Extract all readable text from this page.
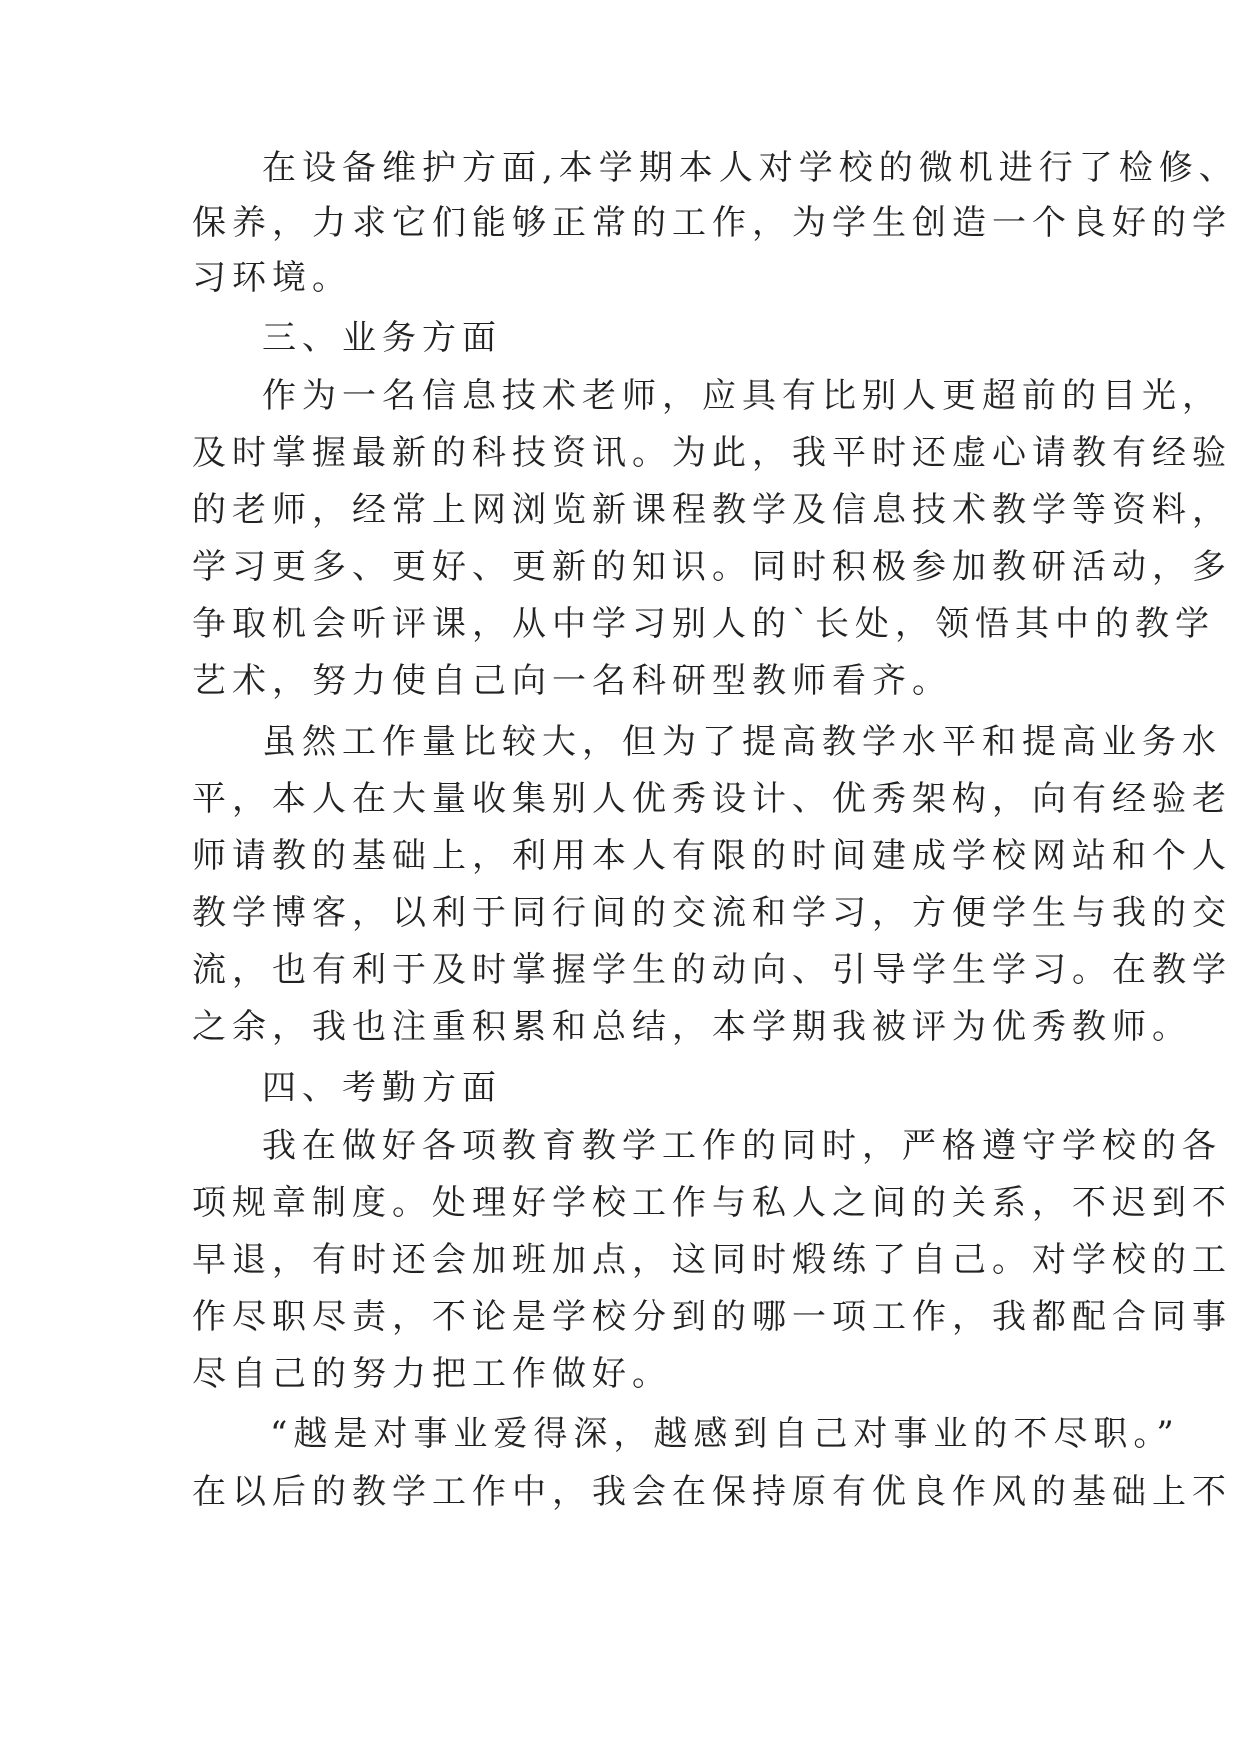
在设备维护方面,本学期本人对学校的微机进行了检修、
保养，力求它们能够正常的工作，为学生创造一个良好的学
习环境。
三、业务方面
作为一名信息技术老师，应具有比别人更超前的目光，
及时掌握最新的科技资讯。为此，我平时还虚心请教有经验
的老师，经常上网浏览新课程教学及信息技术教学等资料，
学习更多、更好、更新的知识。同时积极参加教研活动，多
争取机会听评课，从中学习别人的`长处，领悟其中的教学
艺术，努力使自己向一名科研型教师看齐。
虽然工作量比较大，但为了提高教学水平和提高业务水
平，本人在大量收集别人优秀设计、优秀架构，向有经验老
师请教的基础上，利用本人有限的时间建成学校网站和个人
教学博客，以利于同行间的交流和学习，方便学生与我的交
流，也有利于及时掌握学生的动向、引导学生学习。在教学
之余，我也注重积累和总结，本学期我被评为优秀教师。
四、考勤方面
我在做好各项教育教学工作的同时，严格遵守学校的各
项规章制度。处理好学校工作与私人之间的关系，不迟到不
早退，有时还会加班加点，这同时煅练了自己。对学校的工
作尽职尽责，不论是学校分到的哪一项工作，我都配合同事
尽自己的努力把工作做好。
“越是对事业爱得深，越感到自己对事业的不尽职。”
在以后的教学工作中，我会在保持原有优良作风的基础上不
